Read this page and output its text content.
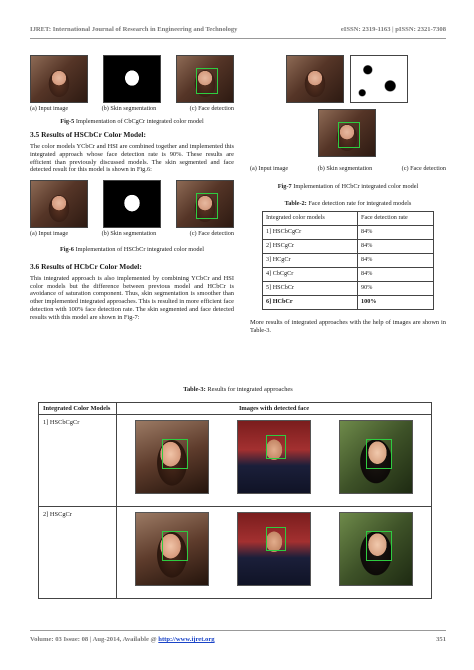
IJRET: International Journal of Research in Engineering and Technology	eISSN: 2319-1163 | pISSN: 2321-7308
(a) Input image	(b) Skin segmentation	(c) Face detection
Fig-5 Implementation of CbCgCr integrated color model
3.5 Results of HSCbCr Color Model:
The color models YCbCr and HSI are combined together and implemented this integrated approach whose face detection rate is 90%. These results are efficient than previously discussed models. The skin segmented and face detected result for this model is shown in Fig.6:
(a) Input image	(b) Skin segmentation	(c) Face detection
Fig-6 Implementation of HSCbCr integrated color model
3.6 Results of HCbCr Color Model:
This integrated approach is also implemented by combining YCbCr and HSI color models but the difference between previous model and HCbCr is avoidance of saturation component. Thus, skin segmentation is smoother than other implemented integrated approaches. This is resulted in more efficient face detection with 100% face detection rate. The skin segmented and face detected results with this model are shown in Fig-7:
(a) Input image	(b) Skin segmentation	(c) Face detection
Fig-7 Implementation of HCbCr integrated color model
Table-2: Face detection rate for integrated models
Integrated color models	Face detection rate
1] HSCbCgCr	84%
2] HSCgCr	84%
3] HCgCr	84%
4] CbCgCr	84%
5] HSCbCr	90%
6] HCbCr	100%
More results of integrated approaches with the help of images are shown in Table-3.
Table-3: Results for integrated approaches
Integrated Color Models	Images with detected face
1] HSCbCgCr	

2] HSCgCr	
Volume: 03 Issue: 08 | Aug-2014, Available @ http://www.ijret.org	351
